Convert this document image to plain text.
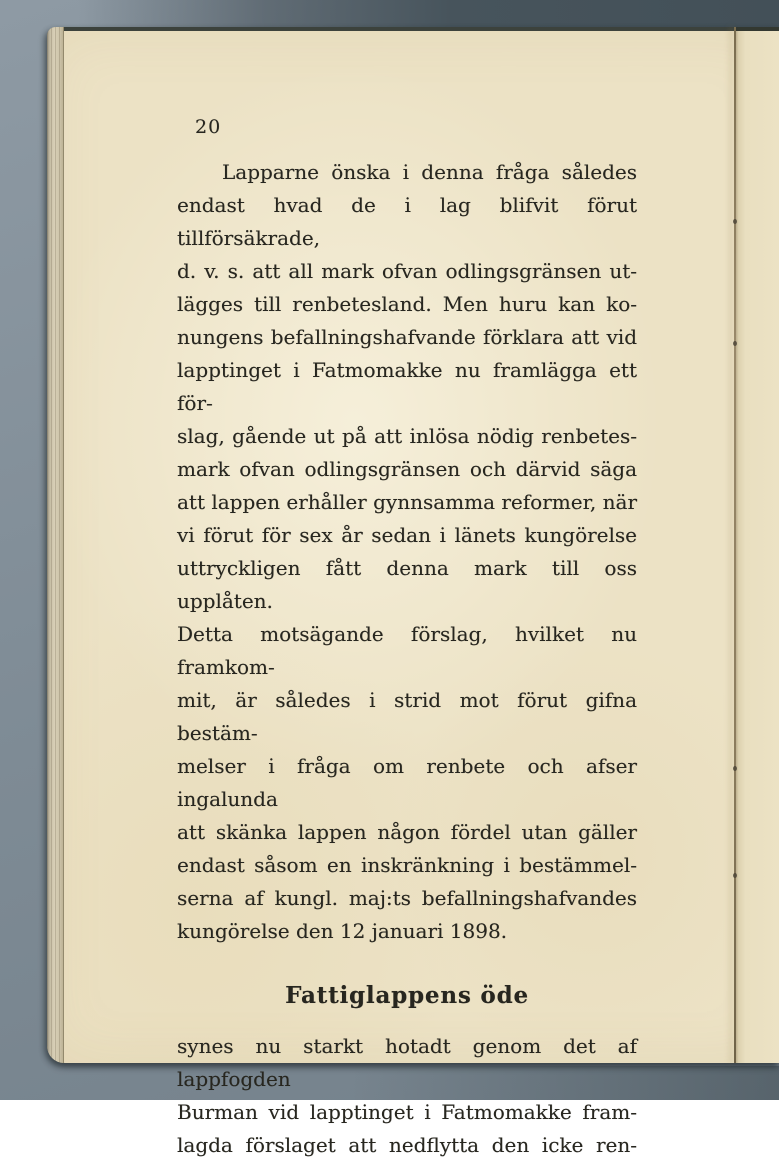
20
Lapparne önska i denna fråga således
endast hvad de i lag blifvit förut tillförsäkrade,
d. v. s. att all mark ofvan odlingsgränsen ut-
lägges till renbetesland. Men huru kan ko-
nungens befallningshafvande förklara att vid
lapptinget i Fatmomakke nu framlägga ett för-
slag, gående ut på att inlösa nödig renbetes-
mark ofvan odlingsgränsen och därvid säga
att lappen erhåller gynnsamma reformer, när
vi förut för sex år sedan i länets kungörelse
uttryckligen fått denna mark till oss upplåten.
Detta motsägande förslag, hvilket nu framkom-
mit, är således i strid mot förut gifna bestäm-
melser i fråga om renbete och afser ingalunda
att skänka lappen någon fördel utan gäller
endast såsom en inskränkning i bestämmel-
serna af kungl. maj:ts befallningshafvandes
kungörelse den 12 januari 1898.
Fattiglappens öde
synes nu starkt hotadt genom det af lappfogden
Burman vid lapptinget i Fatmomakke fram-
lagda förslaget att nedflytta den icke ren-
